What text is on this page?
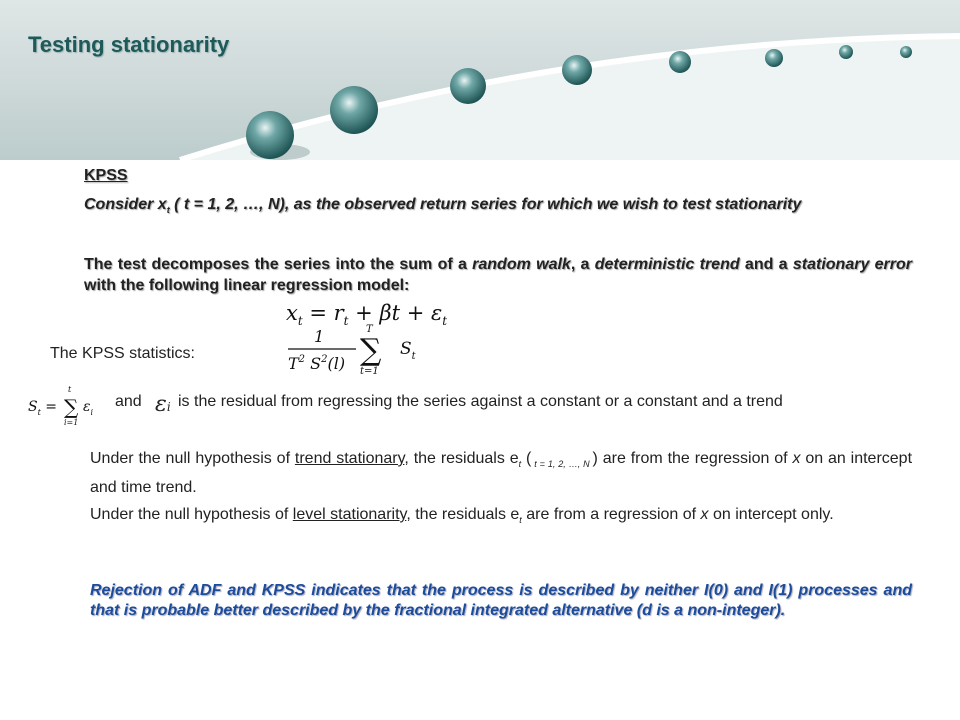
Testing stationarity
KPSS

Consider $x_t$ ( t = 1, 2, …, N), as the observed return series for which we wish to test stationarity

The test decomposes the series into the sum of a random walk, a deterministic trend and a stationary error with the following linear regression model:

$x_t = r_t + \beta t + \varepsilon_t$
The KPSS statistics:
1
$T^2$ $S^2(l)$
T
∑
t=1
$S_t$
$S_t$ =
t
∑
i=1
$\varepsilon_i$
and εi is the residual from regressing the series against a constant or a constant and a trend

Under the null hypothesis of trend stationary, the residuals $e_t$ ( $_{t = 1, 2, \dots, N}$ ) are from the regression of x on an intercept and time trend.

Under the null hypothesis of level stationarity, the residuals $e_t$ are from a regression of x on intercept only.

Rejection of ADF and KPSS indicates that the process is described by neither I(0) and I(1) processes and that is probable better described by the fractional integrated alternative (d is a non-integer).
